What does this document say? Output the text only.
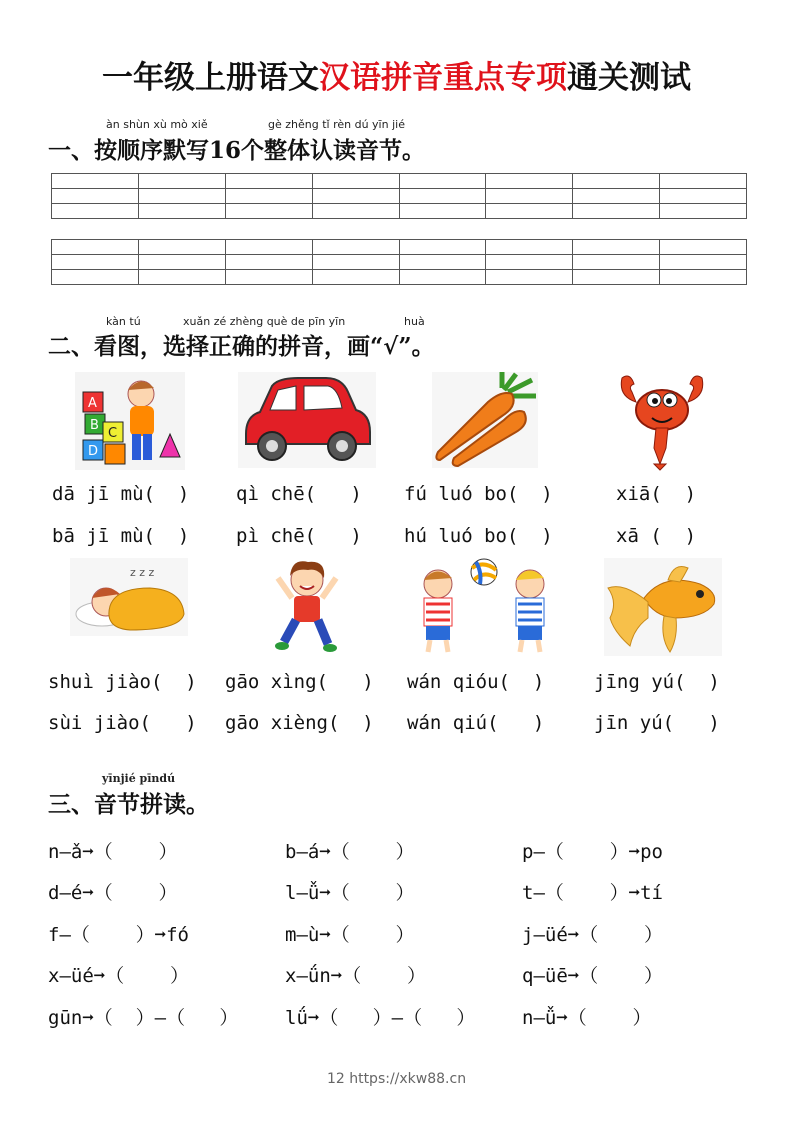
一年级上册语文汉语拼音重点专项通关测试
àn shùn xù mò xiě	gè zhěng tǐ rèn dú yīn jié
一、按顺序默写16个整体认读音节。

kàn tú	xuǎn zé zhèng què de pīn yīn	huà
二、看图，选择正确的拼音，画“√”。
A
B
C
D
dā jī mù(  )
bā jī mù(  )
qì chē(   )
pì chē(   )
fú luó bo(  )
hú luó bo(  )
xiā(  )
xā (  )
z z z
shuì jiào(  )
sùi jiào(   )
gāo xìng(   )
gāo xièng(  )
wán qióu(  )
wán qiú(   )
jīng yú(  )
jīn yú(   )
yīnjié pīndú
三、音节拼读。
n—ǎ➞（    ）	b—á➞（    ）	p—（    ）➞po
d—é➞（    ）	l—ǚ➞（    ）	t—（    ）➞tí
f—（    ）➞fó	m—ù➞（    ）	j—üé➞（    ）
x—üé➞（    ）	x—ǘn➞（    ）	q—üē➞（    ）
gūn➞（  ）—（   ） lǘ➞（   ）—（   ） n—ǚ➞（    ）
12 https://xkw88.cn
